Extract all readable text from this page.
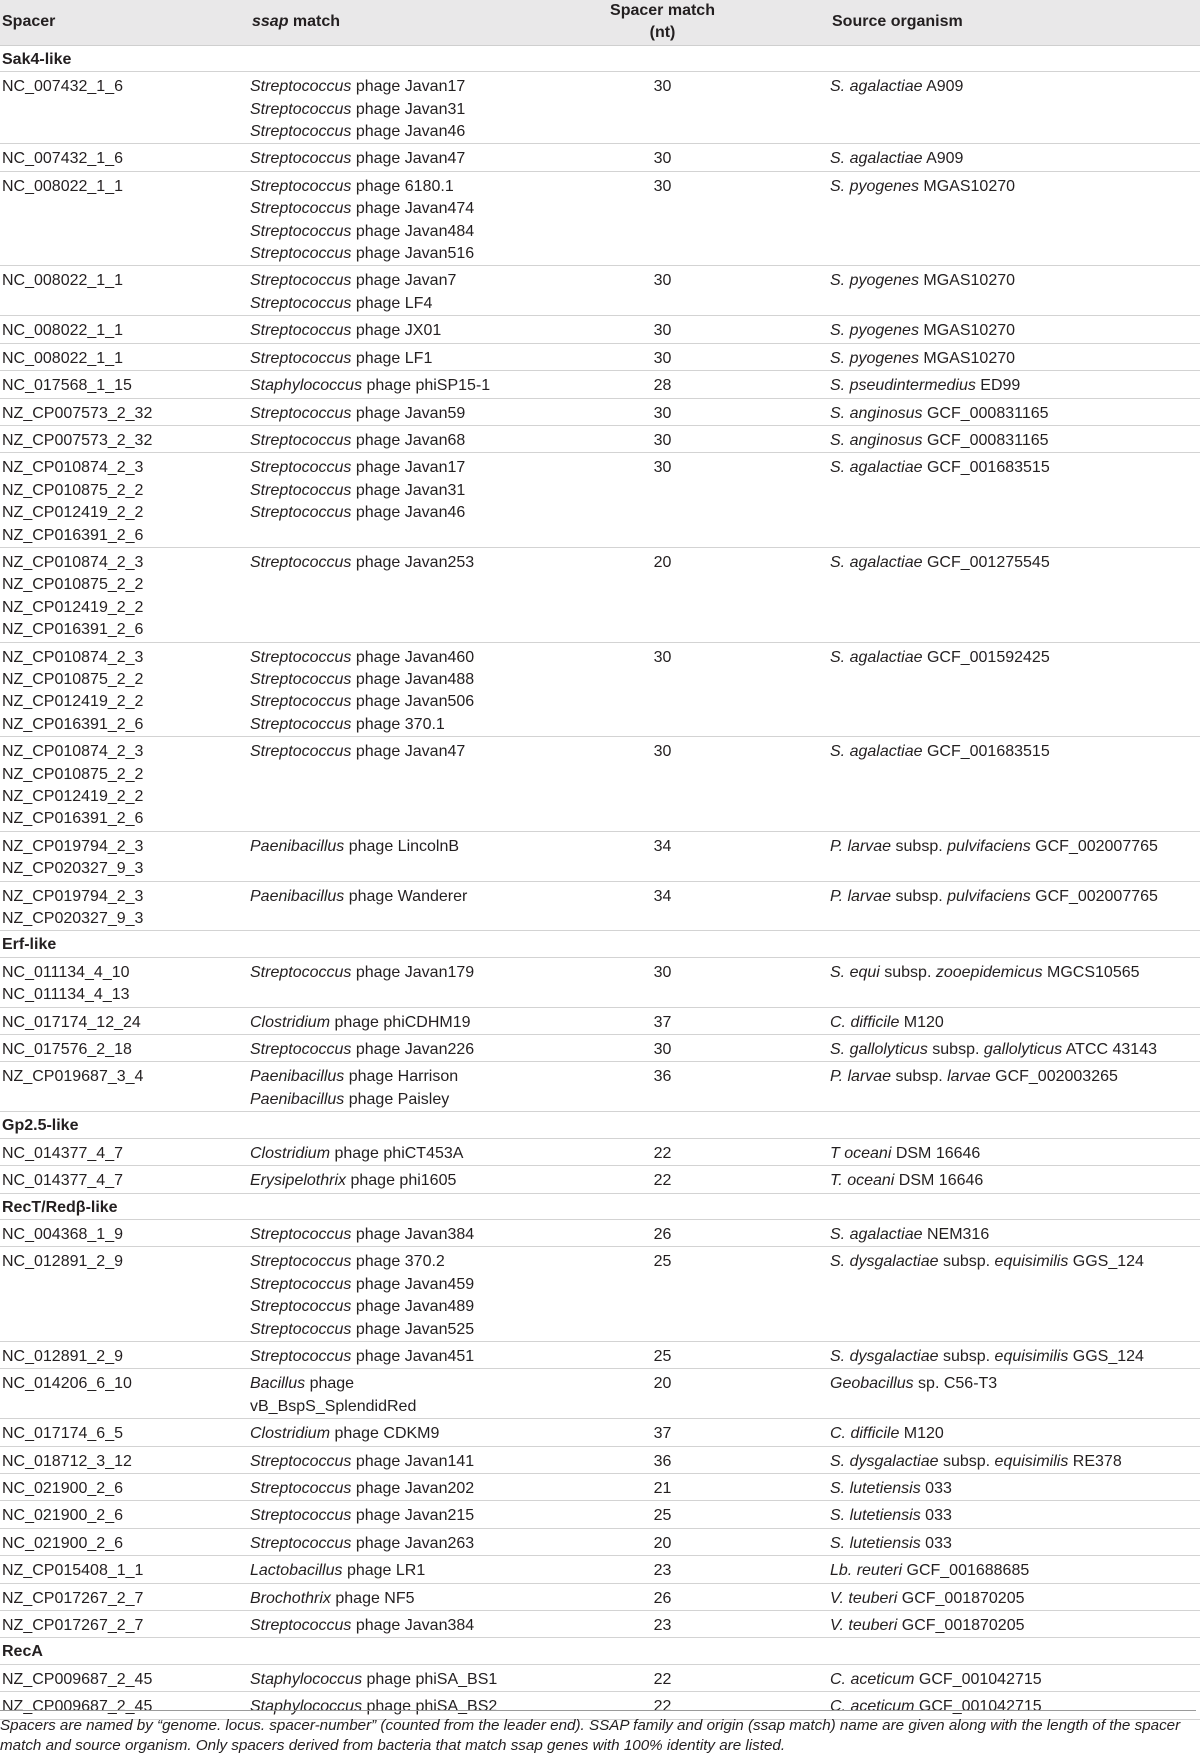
Spacer	ssap match	Spacer match (nt)	Source organism
Sak4-like			

NC_007432_1_6	Streptococcus phage Javan17
Streptococcus phage Javan31
Streptococcus phage Javan46	30	S. agalactiae A909

NC_007432_1_6	Streptococcus phage Javan47	30	S. agalactiae A909

NC_008022_1_1	Streptococcus phage 6180.1
Streptococcus phage Javan474
Streptococcus phage Javan484
Streptococcus phage Javan516	30	S. pyogenes MGAS10270

NC_008022_1_1	Streptococcus phage Javan7
Streptococcus phage LF4	30	S. pyogenes MGAS10270

NC_008022_1_1	Streptococcus phage JX01	30	S. pyogenes MGAS10270

NC_008022_1_1	Streptococcus phage LF1	30	S. pyogenes MGAS10270

NC_017568_1_15	Staphylococcus phage phiSP15-1	28	S. pseudintermedius ED99

NZ_CP007573_2_32	Streptococcus phage Javan59	30	S. anginosus GCF_000831165

NZ_CP007573_2_32	Streptococcus phage Javan68	30	S. anginosus GCF_000831165

NZ_CP010874_2_3
NZ_CP010875_2_2
NZ_CP012419_2_2
NZ_CP016391_2_6	Streptococcus phage Javan17
Streptococcus phage Javan31
Streptococcus phage Javan46	30	S. agalactiae GCF_001683515

NZ_CP010874_2_3
NZ_CP010875_2_2
NZ_CP012419_2_2
NZ_CP016391_2_6	Streptococcus phage Javan253	20	S. agalactiae GCF_001275545

NZ_CP010874_2_3
NZ_CP010875_2_2
NZ_CP012419_2_2
NZ_CP016391_2_6	Streptococcus phage Javan460
Streptococcus phage Javan488
Streptococcus phage Javan506
Streptococcus phage 370.1	30	S. agalactiae GCF_001592425

NZ_CP010874_2_3
NZ_CP010875_2_2
NZ_CP012419_2_2
NZ_CP016391_2_6	Streptococcus phage Javan47	30	S. agalactiae GCF_001683515

NZ_CP019794_2_3
NZ_CP020327_9_3	Paenibacillus phage LincolnB	34	P. larvae subsp. pulvifaciens GCF_002007765

NZ_CP019794_2_3
NZ_CP020327_9_3	Paenibacillus phage Wanderer	34	P. larvae subsp. pulvifaciens GCF_002007765

Erf-like			

NC_011134_4_10
NC_011134_4_13	Streptococcus phage Javan179	30	S. equi subsp. zooepidemicus MGCS10565

NC_017174_12_24	Clostridium phage phiCDHM19	37	C. difficile M120

NC_017576_2_18	Streptococcus phage Javan226	30	S. gallolyticus subsp. gallolyticus ATCC 43143

NZ_CP019687_3_4	Paenibacillus phage Harrison
Paenibacillus phage Paisley	36	P. larvae subsp. larvae GCF_002003265

Gp2.5-like			

NC_014377_4_7	Clostridium phage phiCT453A	22	T oceani DSM 16646

NC_014377_4_7	Erysipelothrix phage phi1605	22	T. oceani DSM 16646

RecT/Redβ-like			

NC_004368_1_9	Streptococcus phage Javan384	26	S. agalactiae NEM316

NC_012891_2_9	Streptococcus phage 370.2
Streptococcus phage Javan459
Streptococcus phage Javan489
Streptococcus phage Javan525	25	S. dysgalactiae subsp. equisimilis GGS_124

NC_012891_2_9	Streptococcus phage Javan451	25	S. dysgalactiae subsp. equisimilis GGS_124

NC_014206_6_10	Bacillus phage
vB_BspS_SplendidRed	20	Geobacillus sp. C56-T3

NC_017174_6_5	Clostridium phage CDKM9	37	C. difficile M120

NC_018712_3_12	Streptococcus phage Javan141	36	S. dysgalactiae subsp. equisimilis RE378

NC_021900_2_6	Streptococcus phage Javan202	21	S. lutetiensis 033

NC_021900_2_6	Streptococcus phage Javan215	25	S. lutetiensis 033

NC_021900_2_6	Streptococcus phage Javan263	20	S. lutetiensis 033

NZ_CP015408_1_1	Lactobacillus phage LR1	23	Lb. reuteri GCF_001688685

NZ_CP017267_2_7	Brochothrix phage NF5	26	V. teuberi GCF_001870205

NZ_CP017267_2_7	Streptococcus phage Javan384	23	V. teuberi GCF_001870205

RecA			

NZ_CP009687_2_45	Staphylococcus phage phiSA_BS1	22	C. aceticum GCF_001042715

NZ_CP009687_2_45	Staphylococcus phage phiSA_BS2	22	C. aceticum GCF_001042715
Spacers are named by “genome. locus. spacer-number” (counted from the leader end). SSAP family and origin (ssap match) name are given along with the length of the spacer match and source organism. Only spacers derived from bacteria that match ssap genes with 100% identity are listed.
